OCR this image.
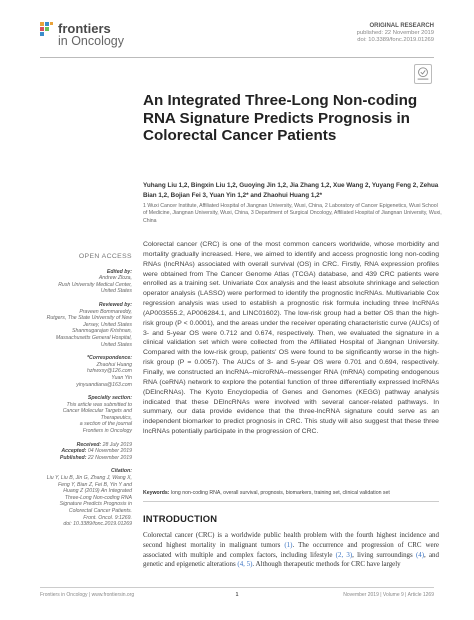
frontiers
in Oncology
ORIGINAL RESEARCH
published: 22 November 2019
doi: 10.3389/fonc.2019.01269
An Integrated Three-Long Non-coding RNA Signature Predicts Prognosis in Colorectal Cancer Patients
Yuhang Liu 1,2, Bingxin Liu 1,2, Guoying Jin 1,2, Jia Zhang 1,2, Xue Wang 2, Yuyang Feng 2, Zehua Bian 1,2, Bojian Fei 3, Yuan Yin 1,2* and Zhaohui Huang 1,2*
1 Wuxi Cancer Institute, Affiliated Hospital of Jiangnan University, Wuxi, China, 2 Laboratory of Cancer Epigenetics, Wuxi School of Medicine, Jiangnan University, Wuxi, China, 3 Department of Surgical Oncology, Affiliated Hospital of Jiangnan University, Wuxi, China
OPEN ACCESS
Edited by:
Andrew Zloza,
Rush University Medical Center,
United States
Reviewed by:
Praveen Bommareddy,
Rutgers, The State University of New
Jersey, United States
Shanmugarajan Krishnan,
Massachusetts General Hospital,
United States
*Correspondence:
Zhaohui Huang
hzhwxsy@126.com
Yuan Yin
yinyuandiana@163.com
Specialty section:
This article was submitted to
Cancer Molecular Targets and
Therapeutics,
a section of the journal
Frontiers in Oncology
Received: 28 July 2019
Accepted: 04 November 2019
Published: 22 November 2019
Citation:
Liu Y, Liu B, Jin G, Zhang J, Wang X,
Feng Y, Bian Z, Fei B, Yin Y and
Huang Z (2019) An Integrated
Three-Long Non-coding RNA
Signature Predicts Prognosis in
Colorectal Cancer Patients.
Front. Oncol. 9:1269.
doi: 10.3389/fonc.2019.01269
Colorectal cancer (CRC) is one of the most common cancers worldwide, whose morbidity and mortality gradually increased. Here, we aimed to identify and access prognostic long non-coding RNAs (lncRNAs) associated with overall survival (OS) in CRC. Firstly, RNA expression profiles were obtained from The Cancer Genome Atlas (TCGA) database, and 439 CRC patients were enrolled as a training set. Univariate Cox analysis and the least absolute shrinkage and selection operator analysis (LASSO) were performed to identify the prognostic lncRNAs. Multivariable Cox regression analysis was used to establish a prognostic risk formula including three lncRNAs (AP003555.2, AP006284.1, and LINC01602). The low-risk group had a better OS than the high-risk group (P < 0.0001), and the areas under the receiver operating characteristic curve (AUCs) of 3- and 5-year OS were 0.712 and 0.674, respectively. Then, we evaluated the signature in a clinical validation set which were collected from the Affiliated Hospital of Jiangnan University. Compared with the low-risk group, patients' OS were found to be significantly worse in the high-risk group (P = 0.0057). The AUCs of 3- and 5-year OS were 0.701 and 0.694, respectively. Finally, we constructed an lncRNA–microRNA–messenger RNA (mRNA) competing endogenous RNA (ceRNA) network to explore the potential function of three differentially expressed lncRNAs (DElncRNAs). The Kyoto Encyclopedia of Genes and Genomes (KEGG) pathway analysis indicated that these DElncRNAs were involved with several cancer-related pathways. In summary, our data provide evidence that the three-lncRNA signature could serve as an independent biomarker to predict prognosis in CRC. This study will also suggest that these three lncRNAs potentially participate in the progression of CRC.
Keywords: long non-coding RNA, overall survival, prognosis, biomarkers, training set, clinical validation set
INTRODUCTION
Colorectal cancer (CRC) is a worldwide public health problem with the fourth highest incidence and second highest mortality in malignant tumors (1). The occurrence and progression of CRC were associated with multiple and complex factors, including lifestyle (2, 3), living surroundings (4), and genetic and epigenetic alterations (4, 5). Although therapeutic methods for CRC have largely
Frontiers in Oncology | www.frontiersin.org	1	November 2019 | Volume 9 | Article 1269
